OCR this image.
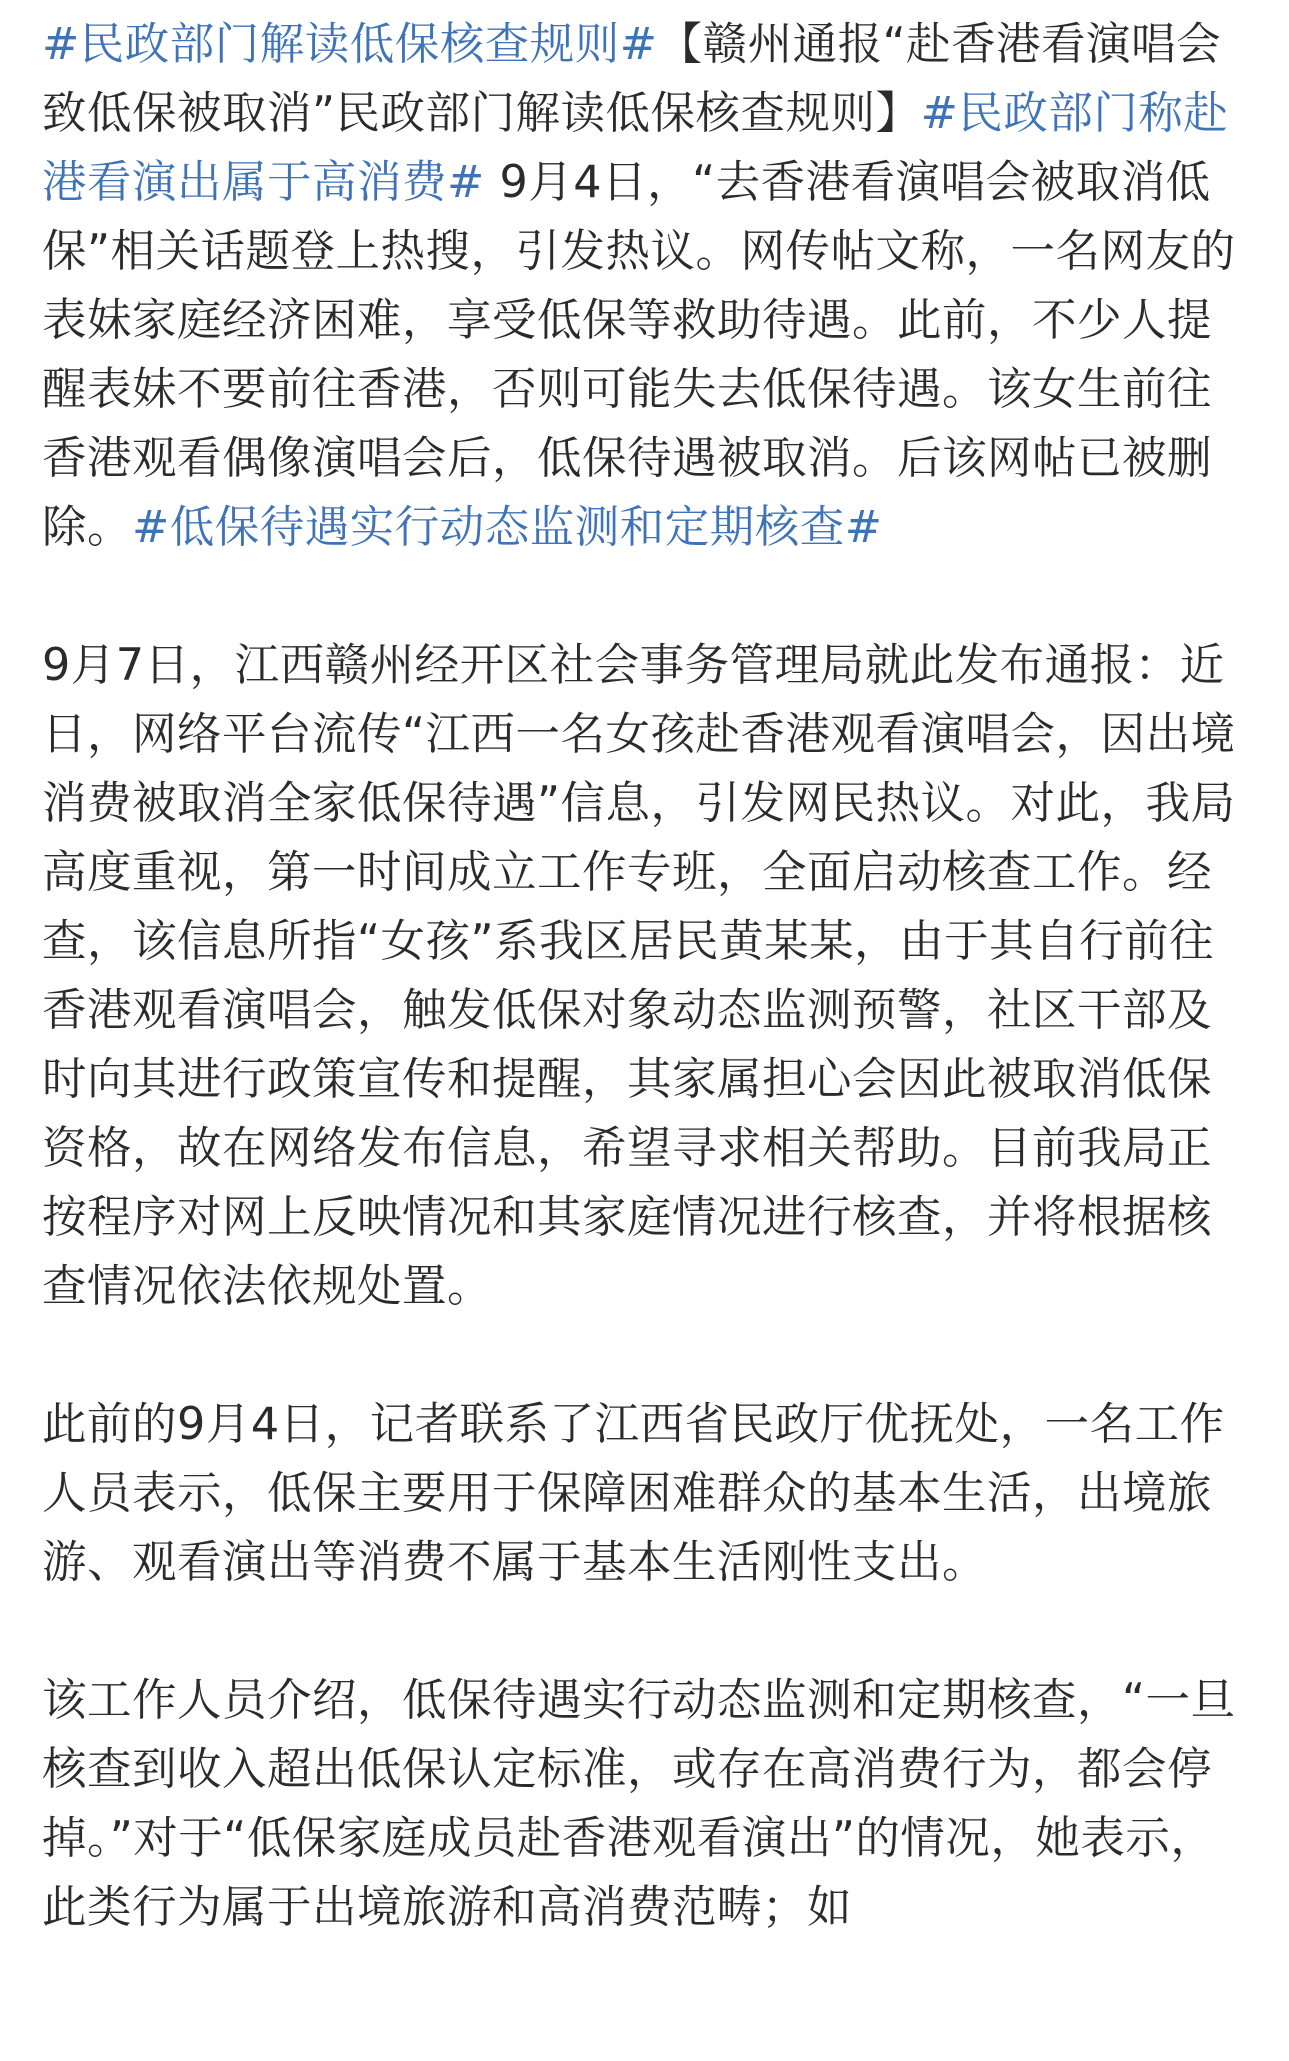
#民政部门解读低保核查规则#【赣州通报“赴香港看演唱会致低保被取消”民政部门解读低保核查规则】#民政部门称赴港看演出属于高消费# 9月4日，“去香港看演唱会被取消低保”相关话题登上热搜，引发热议。网传帖文称，一名网友的表妹家庭经济困难，享受低保等救助待遇。此前，不少人提醒表妹不要前往香港，否则可能失去低保待遇。该女生前往香港观看偶像演唱会后，低保待遇被取消。后该网帖已被删除。#低保待遇实行动态监测和定期核查#

9月7日，江西赣州经开区社会事务管理局就此发布通报：近日，网络平台流传“江西一名女孩赴香港观看演唱会，因出境消费被取消全家低保待遇”信息，引发网民热议。对此，我局高度重视，第一时间成立工作专班，全面启动核查工作。经查，该信息所指“女孩”系我区居民黄某某，由于其自行前往香港观看演唱会，触发低保对象动态监测预警，社区干部及时向其进行政策宣传和提醒，其家属担心会因此被取消低保资格，故在网络发布信息，希望寻求相关帮助。目前我局正按程序对网上反映情况和其家庭情况进行核查，并将根据核查情况依法依规处置。

此前的9月4日，记者联系了江西省民政厅优抚处，一名工作人员表示，低保主要用于保障困难群众的基本生活，出境旅游、观看演出等消费不属于基本生活刚性支出。

该工作人员介绍，低保待遇实行动态监测和定期核查，“一旦核查到收入超出低保认定标准，或存在高消费行为，都会停掉。”对于“低保家庭成员赴香港观看演出”的情况，她表示，此类行为属于出境旅游和高消费范畴；如
